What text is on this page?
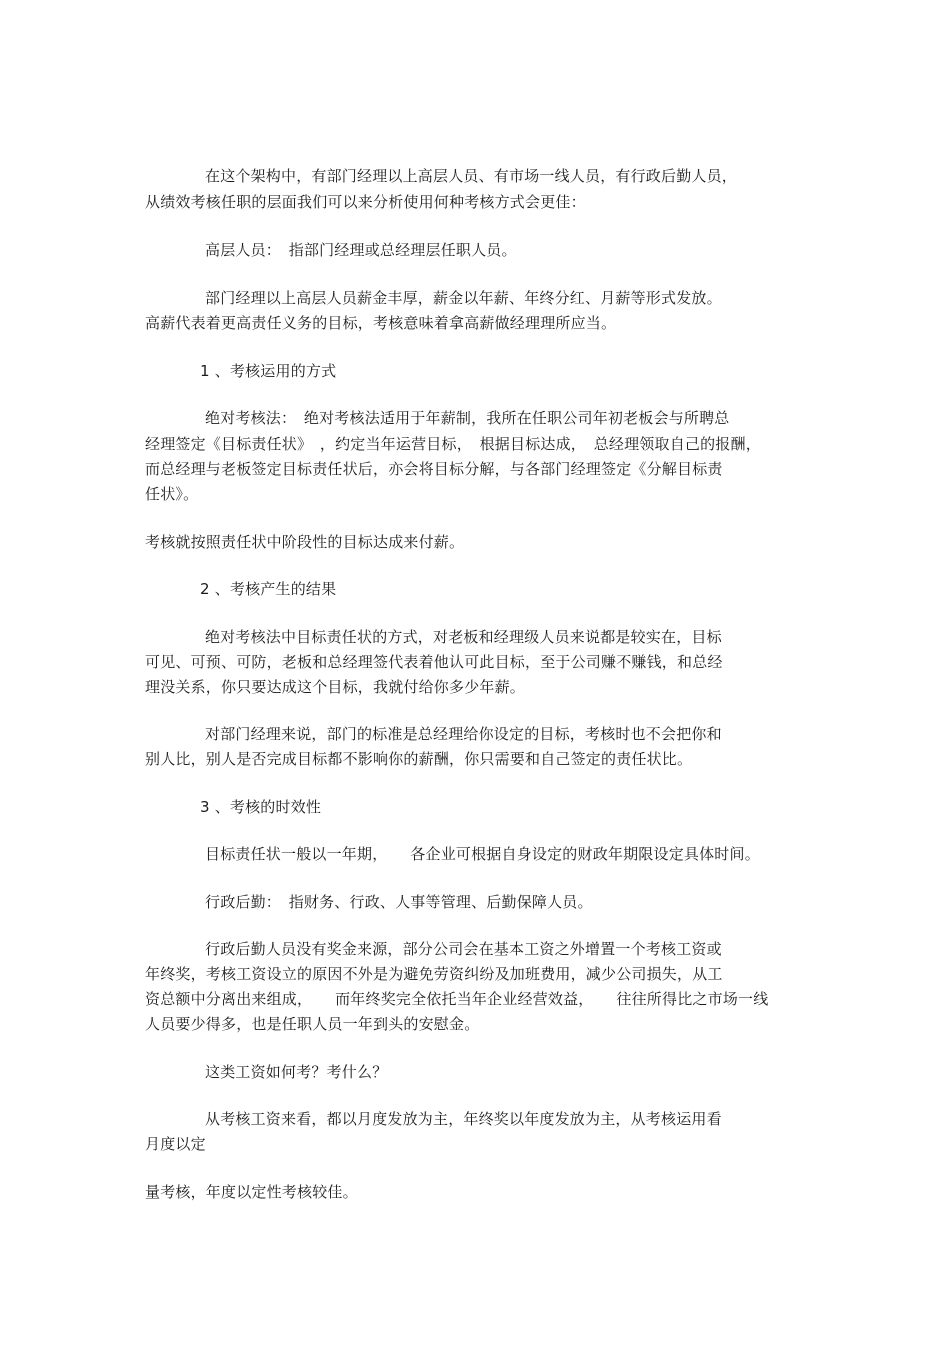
在这个架构中，有部门经理以上高层人员、有市场一线人员，有行政后勤人员，
从绩效考核任职的层面我们可以来分析使用何种考核方式会更佳：
高层人员：　指部门经理或总经理层任职人员。
部门经理以上高层人员薪金丰厚，薪金以年薪、年终分红、月薪等形式发放。
高薪代表着更高责任义务的目标，考核意味着拿高薪做经理理所应当。
1 、考核运用的方式
绝对考核法：　绝对考核法适用于年薪制，我所在任职公司年初老板会与所聘总
经理签定《目标责任状》　，约定当年运营目标，　根据目标达成，　总经理领取自己的报酬，
而总经理与老板签定目标责任状后，亦会将目标分解，与各部门经理签定《分解目标责
任状》。
考核就按照责任状中阶段性的目标达成来付薪。
2 、考核产生的结果
绝对考核法中目标责任状的方式，对老板和经理级人员来说都是较实在，目标
可见、可预、可防，老板和总经理签代表着他认可此目标，至于公司赚不赚钱，和总经
理没关系，你只要达成这个目标，我就付给你多少年薪。
对部门经理来说，部门的标准是总经理给你设定的目标，考核时也不会把你和
别人比，别人是否完成目标都不影响你的薪酬，你只需要和自己签定的责任状比。
3 、考核的时效性
目标责任状一般以一年期，　　各企业可根据自身设定的财政年期限设定具体时间。
行政后勤：　指财务、行政、人事等管理、后勤保障人员。
行政后勤人员没有奖金来源，部分公司会在基本工资之外增置一个考核工资或
年终奖，考核工资设立的原因不外是为避免劳资纠纷及加班费用，减少公司损失，从工
资总额中分离出来组成，　　而年终奖完全依托当年企业经营效益，　　往往所得比之市场一线
人员要少得多，也是任职人员一年到头的安慰金。
这类工资如何考？考什么？
从考核工资来看，都以月度发放为主，年终奖以年度发放为主，从考核运用看
月度以定
量考核，年度以定性考核较佳。
